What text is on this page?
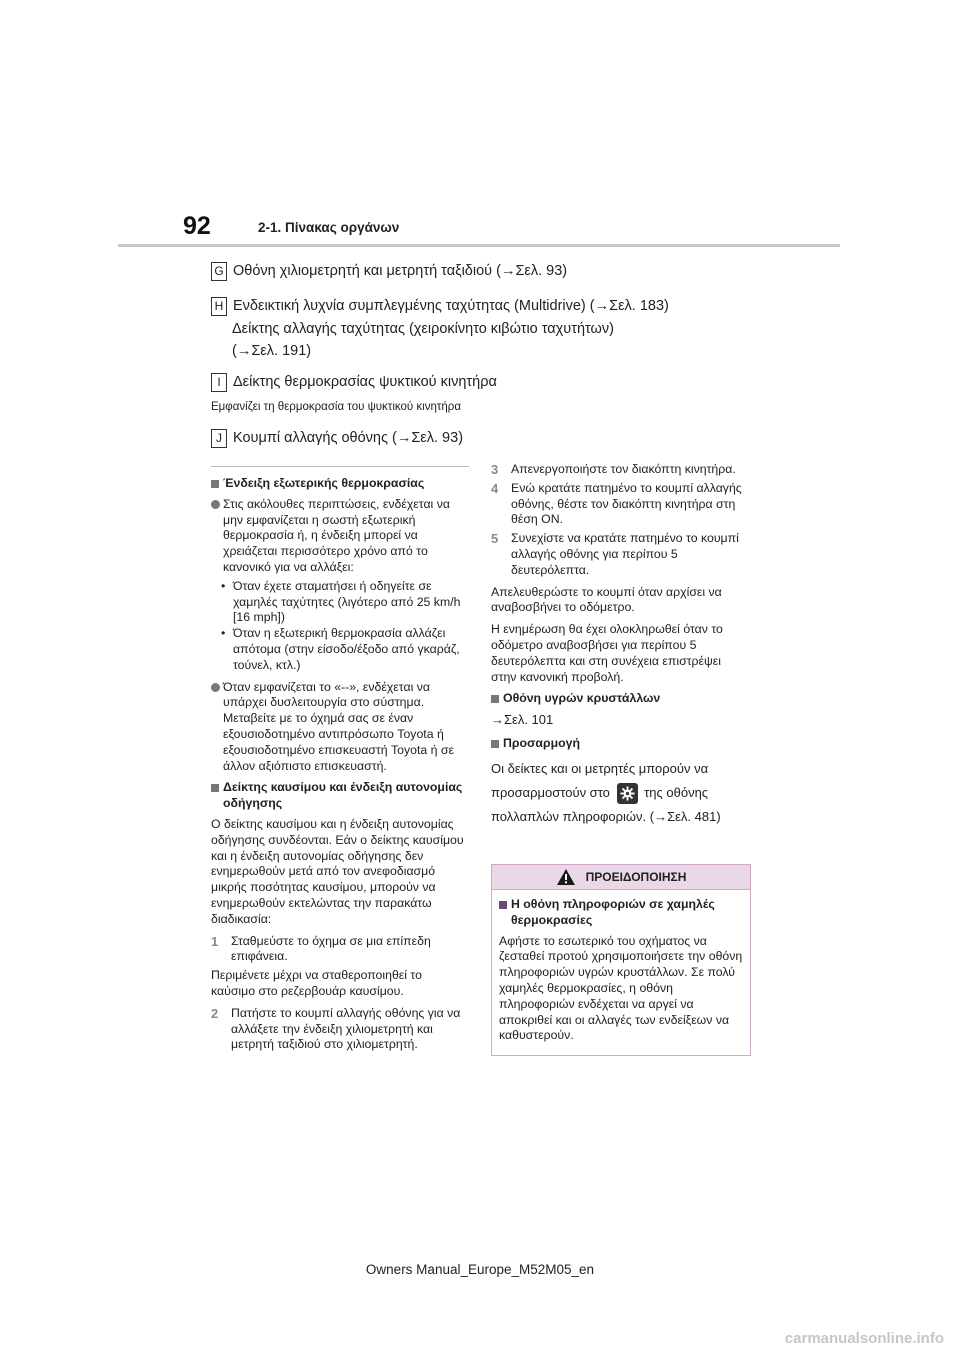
92	2-1. Πίνακας οργάνων
G Οθόνη χιλιομετρητή και μετρητή ταξιδιού (→Σελ. 93)
H Ενδεικτική λυχνία συμπλεγμένης ταχύτητας (Multidrive) (→Σελ. 183)
Δείκτης αλλαγής ταχύτητας (χειροκίνητο κιβώτιο ταχυτήτων)
(→Σελ. 191)
I Δείκτης θερμοκρασίας ψυκτικού κινητήρα
Εμφανίζει τη θερμοκρασία του ψυκτικού κινητήρα
J Κουμπί αλλαγής οθόνης (→Σελ. 93)
Ένδειξη εξωτερικής θερμοκρασίας
Στις ακόλουθες περιπτώσεις, ενδέχεται να μην εμφανίζεται η σωστή εξωτερική θερμοκρασία ή, η ένδειξη μπορεί να χρειάζεται περισσότερο χρόνο από το κανονικό για να αλλάξει:
• Όταν έχετε σταματήσει ή οδηγείτε σε χαμηλές ταχύτητες (λιγότερο από 25 km/h [16 mph])
• Όταν η εξωτερική θερμοκρασία αλλάζει απότομα (στην είσοδο/έξοδο από γκαράζ, τούνελ, κτλ.)
Όταν εμφανίζεται το «--», ενδέχεται να υπάρχει δυσλειτουργία στο σύστημα. Μεταβείτε με το όχημά σας σε έναν εξουσιοδοτημένο αντιπρόσωπο Toyota ή εξουσιοδοτημένο επισκευαστή Toyota ή σε άλλον αξιόπιστο επισκευαστή.
Δείκτης καυσίμου και ένδειξη αυτονομίας οδήγησης

Ο δείκτης καυσίμου και η ένδειξη αυτονομίας οδήγησης συνδέονται. Εάν ο δείκτης καυσίμου και η ένδειξη αυτονομίας οδήγησης δεν ενημερωθούν μετά από τον ανεφοδιασμό μικρής ποσότητας καυσίμου, μπορούν να ενημερωθούν εκτελώντας την παρακάτω διαδικασία:

1 Σταθμεύστε το όχημα σε μια επίπεδη επιφάνεια.

Περιμένετε μέχρι να σταθεροποιηθεί το καύσιμο στο ρεζερβουάρ καυσίμου.

2 Πατήστε το κουμπί αλλαγής οθόνης για να αλλάξετε την ένδειξη χιλιομετρητή και μετρητή ταξιδιού στο χιλιομετρητή.
3 Απενεργοποιήστε τον διακόπτη κινητήρα.
4 Ενώ κρατάτε πατημένο το κουμπί αλλαγής οθόνης, θέστε τον διακόπτη κινητήρα στη θέση ON.
5 Συνεχίστε να κρατάτε πατημένο το κουμπί αλλαγής οθόνης για περίπου 5 δευτερόλεπτα.

Απελευθερώστε το κουμπί όταν αρχίσει να αναβοσβήνει το οδόμετρο.

Η ενημέρωση θα έχει ολοκληρωθεί όταν το οδόμετρο αναβοσβήσει για περίπου 5 δευτερόλεπτα και στη συνέχεια επιστρέψει στην κανονική προβολή.

Οθόνη υγρών κρυστάλλων

→Σελ. 101

Προσαρμογή
Οι δείκτες και οι μετρητές μπορούν να
προσαρμοστούν στο	της οθόνης
πολλαπλών πληροφοριών. (→Σελ. 481)
ΠΡΟΕΙΔΟΠΟΙΗΣΗ
Η οθόνη πληροφοριών σε χαμηλές θερμοκρασίες
Αφήστε το εσωτερικό του οχήματος να ζεσταθεί προτού χρησιμοποιήσετε την οθόνη πληροφοριών υγρών κρυστάλλων. Σε πολύ χαμηλές θερμοκρασίες, η οθόνη πληροφοριών ενδέχεται να αργεί να αποκριθεί και οι αλλαγές των ενδείξεων να καθυστερούν.
Owners Manual_Europe_M52M05_en
carmanualsonline.info
